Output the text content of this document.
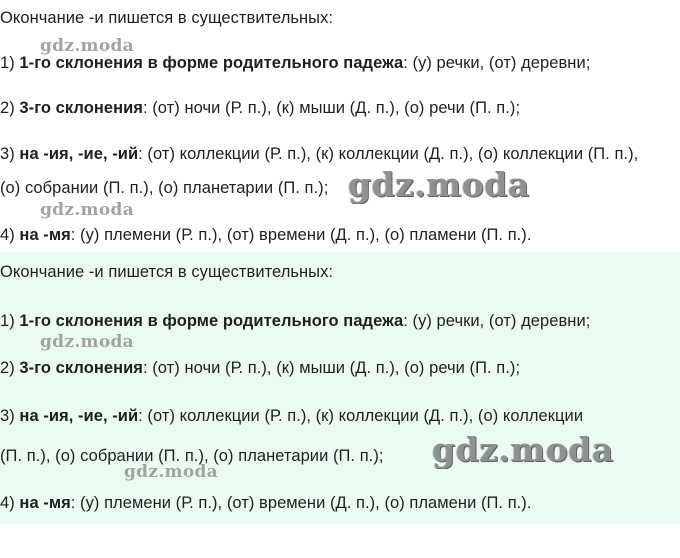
Окончание -и пишется в существительных:
1) 1-го склонения в форме родительного падежа: (у) речки, (от) деревни;
2) 3-го склонения: (от) ночи (Р. п.), (к) мыши (Д. п.), (о) речи (П. п.);
3) на -ия, -ие, -ий: (от) коллекции (Р. п.), (к) коллекции (Д. п.), (о) коллекции (П. п.),
(о) собрании (П. п.), (о) планетарии (П. п.);
4) на -мя: (у) племени (Р. п.), (от) времени (Д. п.), (о) пламени (П. п.).
gdz.moda
gdz.moda
gdz.moda
Окончание -и пишется в существительных:
1) 1-го склонения в форме родительного падежа: (у) речки, (от) деревни;
2) 3-го склонения: (от) ночи (Р. п.), (к) мыши (Д. п.), (о) речи (П. п.);
3) на -ия, -ие, -ий: (от) коллекции (Р. п.), (к) коллекции (Д. п.), (о) коллекции
(П. п.), (о) собрании (П. п.), (о) планетарии (П. п.);
4) на -мя: (у) племени (Р. п.), (от) времени (Д. п.), (о) пламени (П. п.).
gdz.moda
gdz.moda
gdz.moda
